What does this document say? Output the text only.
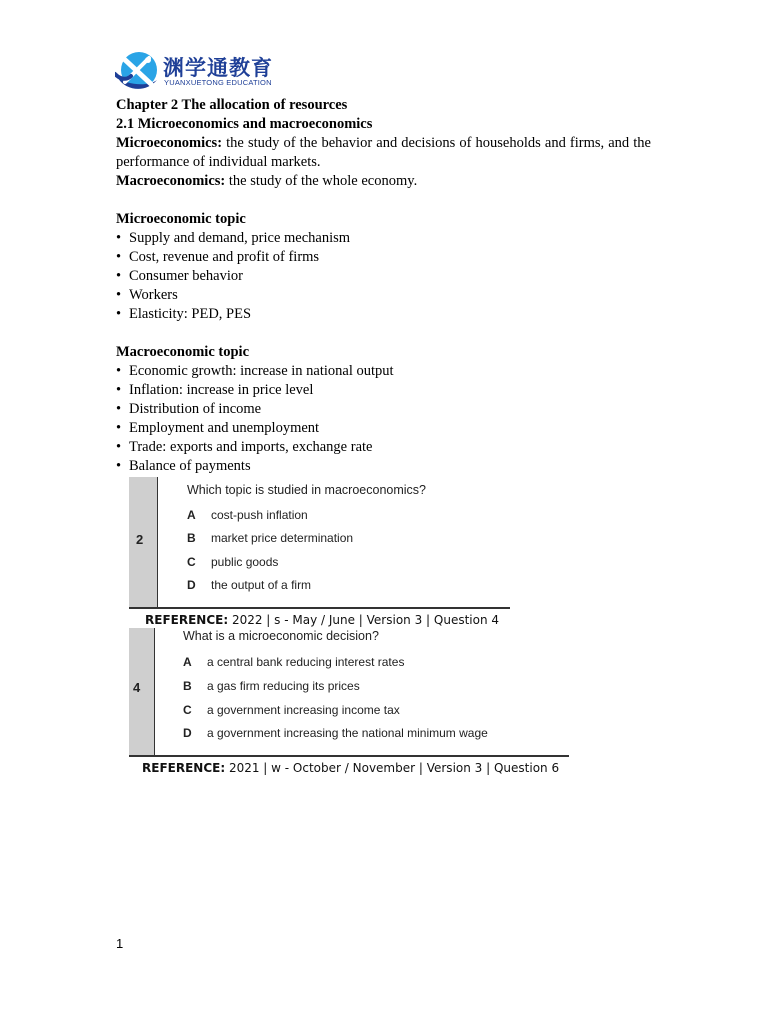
渊学通教育
YUANXUETONG EDUCATION
Chapter 2 The allocation of resources
2.1 Microeconomics and macroeconomics
Microeconomics: the study of the behavior and decisions of households and firms, and the performance of individual markets.
Macroeconomics: the study of the whole economy.
Microeconomic topic
• Supply and demand, price mechanism
• Cost, revenue and profit of firms
• Consumer behavior
• Workers
• Elasticity: PED, PES
Macroeconomic topic
• Economic growth: increase in national output
• Inflation: increase in price level
• Distribution of income
• Employment and unemployment
• Trade: exports and imports, exchange rate
• Balance of payments
2
Which topic is studied in macroeconomics?
A cost-push inflation
B market price determination
C public goods
D the output of a firm
REFERENCE: 2022 | s - May / June | Version 3 | Question 4
4
What is a microeconomic decision?
A a central bank reducing interest rates
B a gas firm reducing its prices
C a government increasing income tax
D a government increasing the national minimum wage
REFERENCE: 2021 | w - October / November | Version 3 | Question 6
1
